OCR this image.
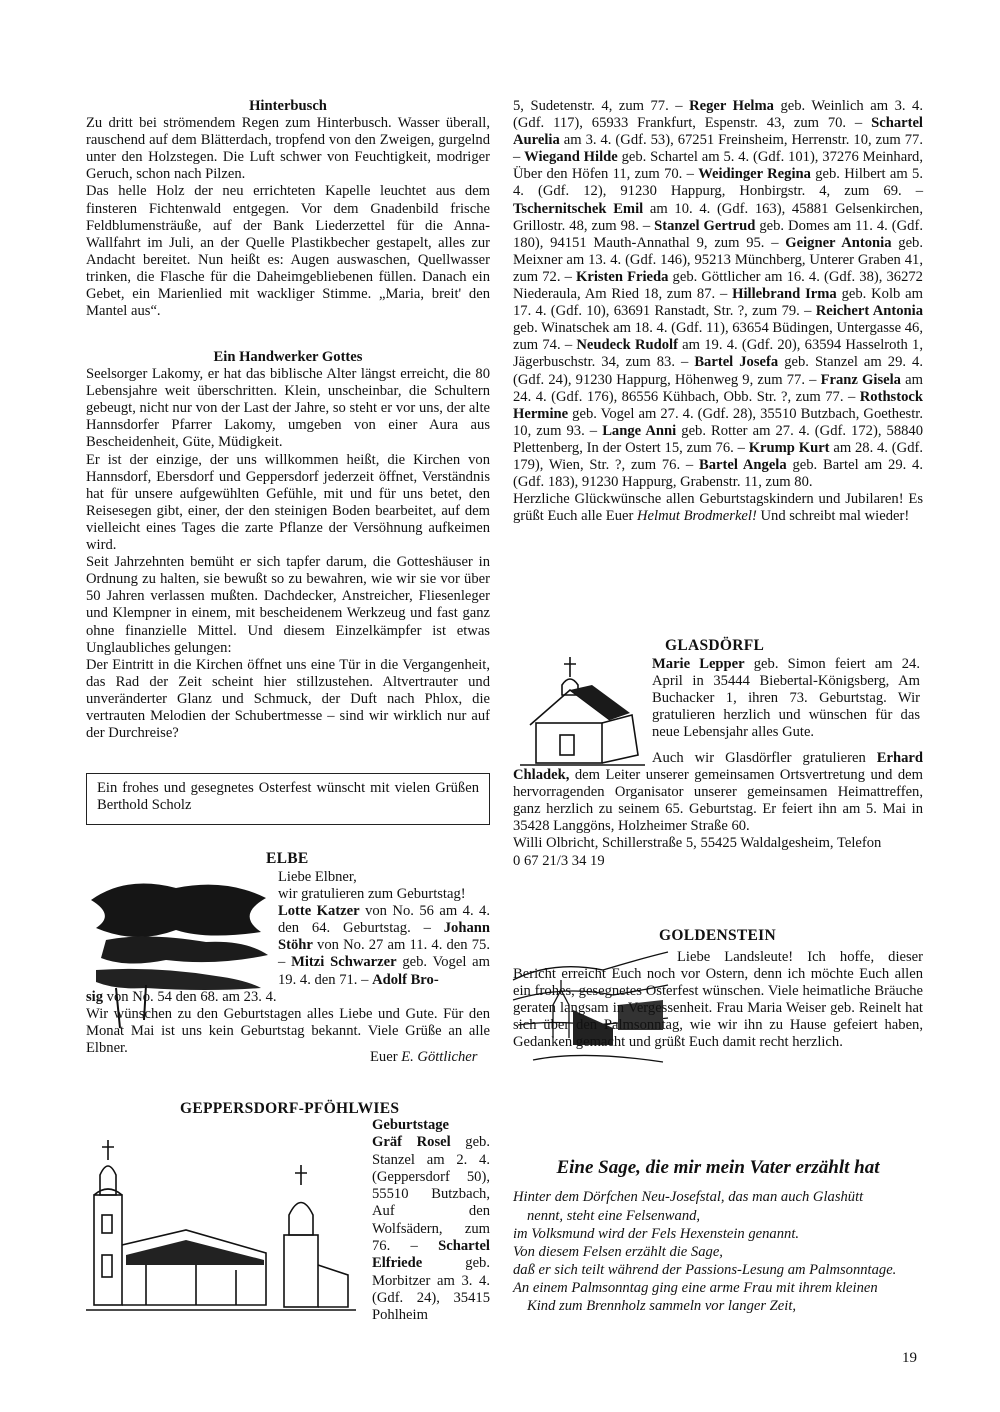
Hinterbusch

Zu dritt bei strömendem Regen zum Hinterbusch. Wasser überall, rauschend auf dem Blätterdach, tropfend von den Zweigen, gurgelnd unter den Holzstegen. Die Luft schwer von Feuchtigkeit, modriger Geruch, schon nach Pilzen.

Das helle Holz der neu errichteten Kapelle leuchtet aus dem finsteren Fichtenwald entgegen. Vor dem Gnadenbild frische Feldblumensträuße, auf der Bank Liederzettel für die Anna-Wallfahrt im Juli, an der Quelle Plastikbecher gestapelt, alles zur Andacht bereitet. Nun heißt es: Augen auswaschen, Quellwasser trinken, die Flasche für die Daheimgebliebenen füllen. Danach ein Gebet, ein Marienlied mit wackliger Stimme. „Maria, breit' den Mantel aus“.

Ein Handwerker Gottes

Seelsorger Lakomy, er hat das biblische Alter längst erreicht, die 80 Lebensjahre weit überschritten. Klein, unscheinbar, die Schultern gebeugt, nicht nur von der Last der Jahre, so steht er vor uns, der alte Hannsdorfer Pfarrer Lakomy, umgeben von einer Aura aus Bescheidenheit, Güte, Müdigkeit.

Er ist der einzige, der uns willkommen heißt, die Kirchen von Hannsdorf, Ebersdorf und Geppersdorf jederzeit öffnet, Verständnis hat für unsere aufgewühlten Gefühle, mit und für uns betet, den Reisesegen gibt, einer, der den steinigen Boden bearbeitet, auf dem vielleicht eines Tages die zarte Pflanze der Versöhnung aufkeimen wird.

Seit Jahrzehnten bemüht er sich tapfer darum, die Gotteshäuser in Ordnung zu halten, sie bewußt so zu bewahren, wie wir sie vor über 50 Jahren verlassen mußten. Dachdecker, Anstreicher, Fliesenleger und Klempner in einem, mit bescheidenem Werkzeug und fast ganz ohne finanzielle Mittel. Und diesem Einzelkämpfer ist etwas Unglaubliches gelungen:

Der Eintritt in die Kirchen öffnet uns eine Tür in die Vergangenheit, das Rad der Zeit scheint hier stillzustehen. Altvertrauter und unveränderter Glanz und Schmuck, der Duft nach Phlox, die vertrauten Melodien der Schubertmesse – sind wir wirklich nur auf der Durchreise?

Ein frohes und gesegnetes Osterfest wünscht mit vielen Grüßen Berthold Scholz

ELBE

Liebe Elbner,

wir gratulieren zum Geburtstag!

Lotte Katzer von No. 56 am 4. 4. den 64. Geburtstag. – Johann Stöhr von No. 27 am 11. 4. den 75. – Mitzi Schwarzer geb. Vogel am 19. 4. den 71. – Adolf Bro-

sig von No. 54 den 68. am 23. 4.

Wir wünschen zu den Geburtstagen alles Liebe und Gute. Für den Monat Mai ist uns kein Geburtstag bekannt. Viele Grüße an alle Elbner.

Euer E. Göttlicher

GEPPERSDORF-PFÖHLWIES

Geburtstage

Gräf Rosel geb. Stanzel am 2. 4. (Geppersdorf 50), 55510 Butzbach, Auf den Wolfsädern, zum 76. – Schartel Elfriede geb. Morbitzer am 3. 4. (Gdf. 24), 35415 Pohlheim

5, Sudetenstr. 4, zum 77. – Reger Helma geb. Weinlich am 3. 4. (Gdf. 117), 65933 Frankfurt, Espenstr. 43, zum 70. – Schartel Aurelia am 3. 4. (Gdf. 53), 67251 Freinsheim, Herrenstr. 10, zum 77. – Wiegand Hilde geb. Schartel am 5. 4. (Gdf. 101), 37276 Meinhard, Über den Höfen 11, zum 70. – Weidinger Regina geb. Hilbert am 5. 4. (Gdf. 12), 91230 Happurg, Honbirgstr. 4, zum 69. – Tschernitschek Emil am 10. 4. (Gdf. 163), 45881 Gelsenkirchen, Grillostr. 48, zum 98. – Stanzel Gertrud geb. Domes am 11. 4. (Gdf. 180), 94151 Mauth-Annathal 9, zum 95. – Geigner Antonia geb. Meixner am 13. 4. (Gdf. 146), 95213 Münchberg, Unterer Graben 41, zum 72. – Kristen Frieda geb. Göttlicher am 16. 4. (Gdf. 38), 36272 Niederaula, Am Ried 18, zum 87. – Hillebrand Irma geb. Kolb am 17. 4. (Gdf. 10), 63691 Ranstadt, Str. ?, zum 79. – Reichert Antonia geb. Winatschek am 18. 4. (Gdf. 11), 63654 Büdingen, Untergasse 46, zum 74. – Neudeck Rudolf am 19. 4. (Gdf. 20), 63594 Hasselroth 1, Jägerbuschstr. 34, zum 83. – Bartel Josefa geb. Stanzel am 29. 4. (Gdf. 24), 91230 Happurg, Höhenweg 9, zum 77. – Franz Gisela am 24. 4. (Gdf. 176), 86556 Kühbach, Obb. Str. ?, zum 77. – Rothstock Hermine geb. Vogel am 27. 4. (Gdf. 28), 35510 Butzbach, Goethestr. 10, zum 93. – Lange Anni geb. Rotter am 27. 4. (Gdf. 172), 58840 Plettenberg, In der Ostert 15, zum 76. – Krump Kurt am 28. 4. (Gdf. 179), Wien, Str. ?, zum 76. – Bartel Angela geb. Bartel am 29. 4. (Gdf. 183), 91230 Happurg, Grabenstr. 11, zum 80.

Herzliche Glückwünsche allen Geburtstagskindern und Jubilaren! Es grüßt Euch alle Euer Helmut Brodmerkel! Und schreibt mal wieder!

GLASDÖRFL

Marie Lepper geb. Simon feiert am 24. April in 35444 Biebertal-Königsberg, Am Buchacker 1, ihren 73. Geburtstag. Wir gratulieren herzlich und wünschen für das neue Lebensjahr alles Gute.

Auch wir Glasdörfler gratulieren Erhard Chladek, dem Leiter unserer gemeinsamen Ortsvertretung und dem hervorragenden Organisator unserer gemeinsamen Heimattreffen, ganz herzlich zu seinem 65. Geburtstag. Er feiert ihn am 5. Mai in 35428 Langgöns, Holzheimer Straße 60.

Willi Olbricht, Schillerstraße 5, 55425 Waldalgesheim, Telefon

0 67 21/3 34 19

GOLDENSTEIN

Liebe Landsleute! Ich hoffe, dieser Bericht erreicht Euch noch vor Ostern, denn ich möchte Euch allen ein frohes, gesegnetes Osterfest wünschen. Viele heimatliche Bräuche geraten langsam in Vergessenheit. Frau Maria Weiser geb. Reinelt hat sich über den Palmsonntag, wie wir ihn zu Hause gefeiert haben, Gedanken gemacht und grüßt Euch damit recht herzlich.

Eine Sage, die mir mein Vater erzählt hat

Hinter dem Dörfchen Neu-Josefstal, das man auch Glashütt

nennt, steht eine Felsenwand,

im Volksmund wird der Fels Hexenstein genannt.

Von diesem Felsen erzählt die Sage,

daß er sich teilt während der Passions-Lesung am Palmsonntage.

An einem Palmsonntag ging eine arme Frau mit ihrem kleinen

Kind zum Brennholz sammeln vor langer Zeit,

19
